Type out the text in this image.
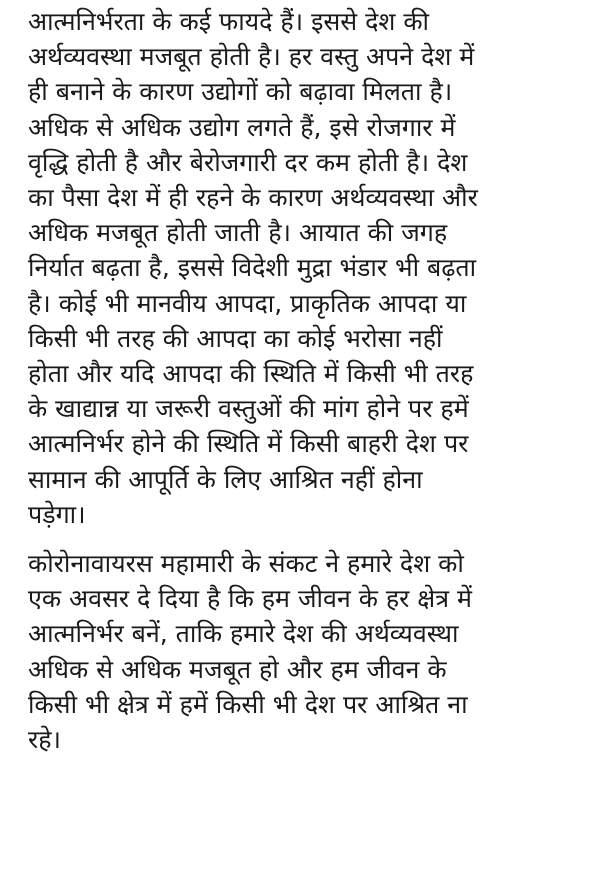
आत्मनिर्भरता के कई फायदे हैं। इससे देश की
अर्थव्यवस्था मजबूत होती है। हर वस्तु अपने देश में
ही बनाने के कारण उद्योगों को बढ़ावा मिलता है।
अधिक से अधिक उद्योग लगते हैं, इसे रोजगार में
वृद्धि होती है और बेरोजगारी दर कम होती है। देश
का पैसा देश में ही रहने के कारण अर्थव्यवस्था और
अधिक मजबूत होती जाती है। आयात की जगह
निर्यात बढ़ता है, इससे विदेशी मुद्रा भंडार भी बढ़ता
है। कोई भी मानवीय आपदा, प्राकृतिक आपदा या
किसी भी तरह की आपदा का कोई भरोसा नहीं
होता और यदि आपदा की स्थिति में किसी भी तरह
के खाद्यान्न या जरूरी वस्तुओं की मांग होने पर हमें
आत्मनिर्भर होने की स्थिति में किसी बाहरी देश पर
सामान की आपूर्ति के लिए आश्रित नहीं होना
पड़ेगा।

कोरोनावायरस महामारी के संकट ने हमारे देश को
एक अवसर दे दिया है कि हम जीवन के हर क्षेत्र में
आत्मनिर्भर बनें, ताकि हमारे देश की अर्थव्यवस्था
अधिक से अधिक मजबूत हो और हम जीवन के
किसी भी क्षेत्र में हमें किसी भी देश पर आश्रित ना
रहे।
